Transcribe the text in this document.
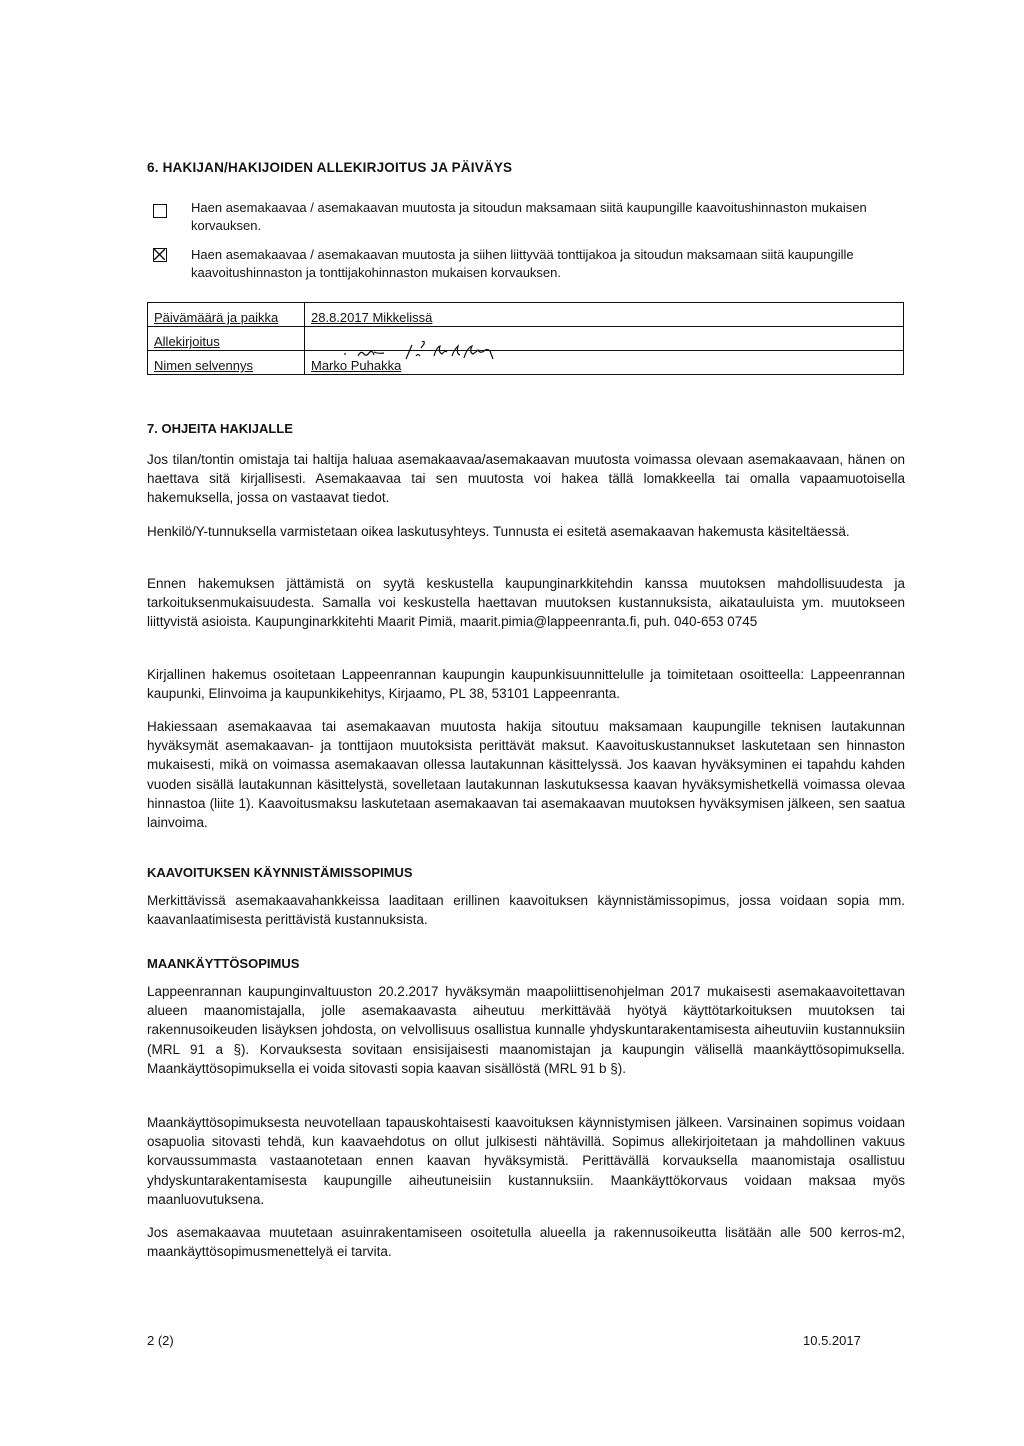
6. HAKIJAN/HAKIJOIDEN ALLEKIRJOITUS JA PÄIVÄYS
Haen asemakaavaa / asemakaavan muutosta ja sitoudun maksamaan siitä kaupungille kaavoitushinnaston mukaisen korvauksen.
Haen asemakaavaa / asemakaavan muutosta ja siihen liittyvää tonttijakoa ja sitoudun maksamaan siitä kaupungille kaavoitushinnaston ja tonttijakohinnaston mukaisen korvauksen.
Päivämäärä ja paikka	28.8.2017 Mikkelissä
Allekirjoitus	
Nimen selvennys	Marko Puhakka
7. OHJEITA HAKIJALLE
Jos tilan/tontin omistaja tai haltija haluaa asemakaavaa/asemakaavan muutosta voimassa olevaan asemakaavaan, hänen on haettava sitä kirjallisesti. Asemakaavaa tai sen muutosta voi hakea tällä lomakkeella tai omalla vapaamuotoisella hakemuksella, jossa on vastaavat tiedot.
Henkilö/Y-tunnuksella varmistetaan oikea laskutusyhteys. Tunnusta ei esitetä asemakaavan hakemusta käsiteltäessä.
Ennen hakemuksen jättämistä on syytä keskustella kaupunginarkkitehdin kanssa muutoksen mahdollisuudesta ja tarkoituksenmukaisuudesta. Samalla voi keskustella haettavan muutoksen kustannuksista, aikatauluista ym. muutokseen liittyvistä asioista. Kaupunginarkkitehti Maarit Pimiä, maarit.pimia@lappeenranta.fi, puh. 040-653 0745
Kirjallinen hakemus osoitetaan Lappeenrannan kaupungin kaupunkisuunnittelulle ja toimitetaan osoitteella: Lappeenrannan kaupunki, Elinvoima ja kaupunkikehitys, Kirjaamo, PL 38, 53101 Lappeenranta.
Hakiessaan asemakaavaa tai asemakaavan muutosta hakija sitoutuu maksamaan kaupungille teknisen lautakunnan hyväksymät asemakaavan- ja tonttijaon muutoksista perittävät maksut. Kaavoituskustannukset laskutetaan sen hinnaston mukaisesti, mikä on voimassa asemakaavan ollessa lautakunnan käsittelyssä. Jos kaavan hyväksyminen ei tapahdu kahden vuoden sisällä lautakunnan käsittelystä, sovelletaan lautakunnan laskutuksessa kaavan hyväksymishetkellä voimassa olevaa hinnastoa (liite 1). Kaavoitusmaksu laskutetaan asemakaavan tai asemakaavan muutoksen hyväksymisen jälkeen, sen saatua lainvoima.
KAAVOITUKSEN KÄYNNISTÄMISSOPIMUS
Merkittävissä asemakaavahankkeissa laaditaan erillinen kaavoituksen käynnistämissopimus, jossa voidaan sopia mm. kaavanlaatimisesta perittävistä kustannuksista.
MAANKÄYTTÖSOPIMUS
Lappeenrannan kaupunginvaltuuston 20.2.2017 hyväksymän maapoliittisenohjelman 2017 mukaisesti asemakaavoitettavan alueen maanomistajalla, jolle asemakaavasta aiheutuu merkittävää hyötyä käyttötarkoituksen muutoksen tai rakennusoikeuden lisäyksen johdosta, on velvollisuus osallistua kunnalle yhdyskuntarakentamisesta aiheutuviin kustannuksiin (MRL 91 a §). Korvauksesta sovitaan ensisijaisesti maanomistajan ja kaupungin välisellä maankäyttösopimuksella. Maankäyttösopimuksella ei voida sitovasti sopia kaavan sisällöstä (MRL 91 b §).
Maankäyttösopimuksesta neuvotellaan tapauskohtaisesti kaavoituksen käynnistymisen jälkeen. Varsinainen sopimus voidaan osapuolia sitovasti tehdä, kun kaavaehdotus on ollut julkisesti nähtävillä. Sopimus allekirjoitetaan ja mahdollinen vakuus korvaussummasta vastaanotetaan ennen kaavan hyväksymistä. Perittävällä korvauksella maanomistaja osallistuu yhdyskuntarakentamisesta kaupungille aiheutuneisiin kustannuksiin. Maankäyttökorvaus voidaan maksaa myös maanluovutuksena.
Jos asemakaavaa muutetaan asuinrakentamiseen osoitetulla alueella ja rakennusoikeutta lisätään alle 500 kerros-m2, maankäyttösopimusmenettelyä ei tarvita.
2 (2)	10.5.2017
